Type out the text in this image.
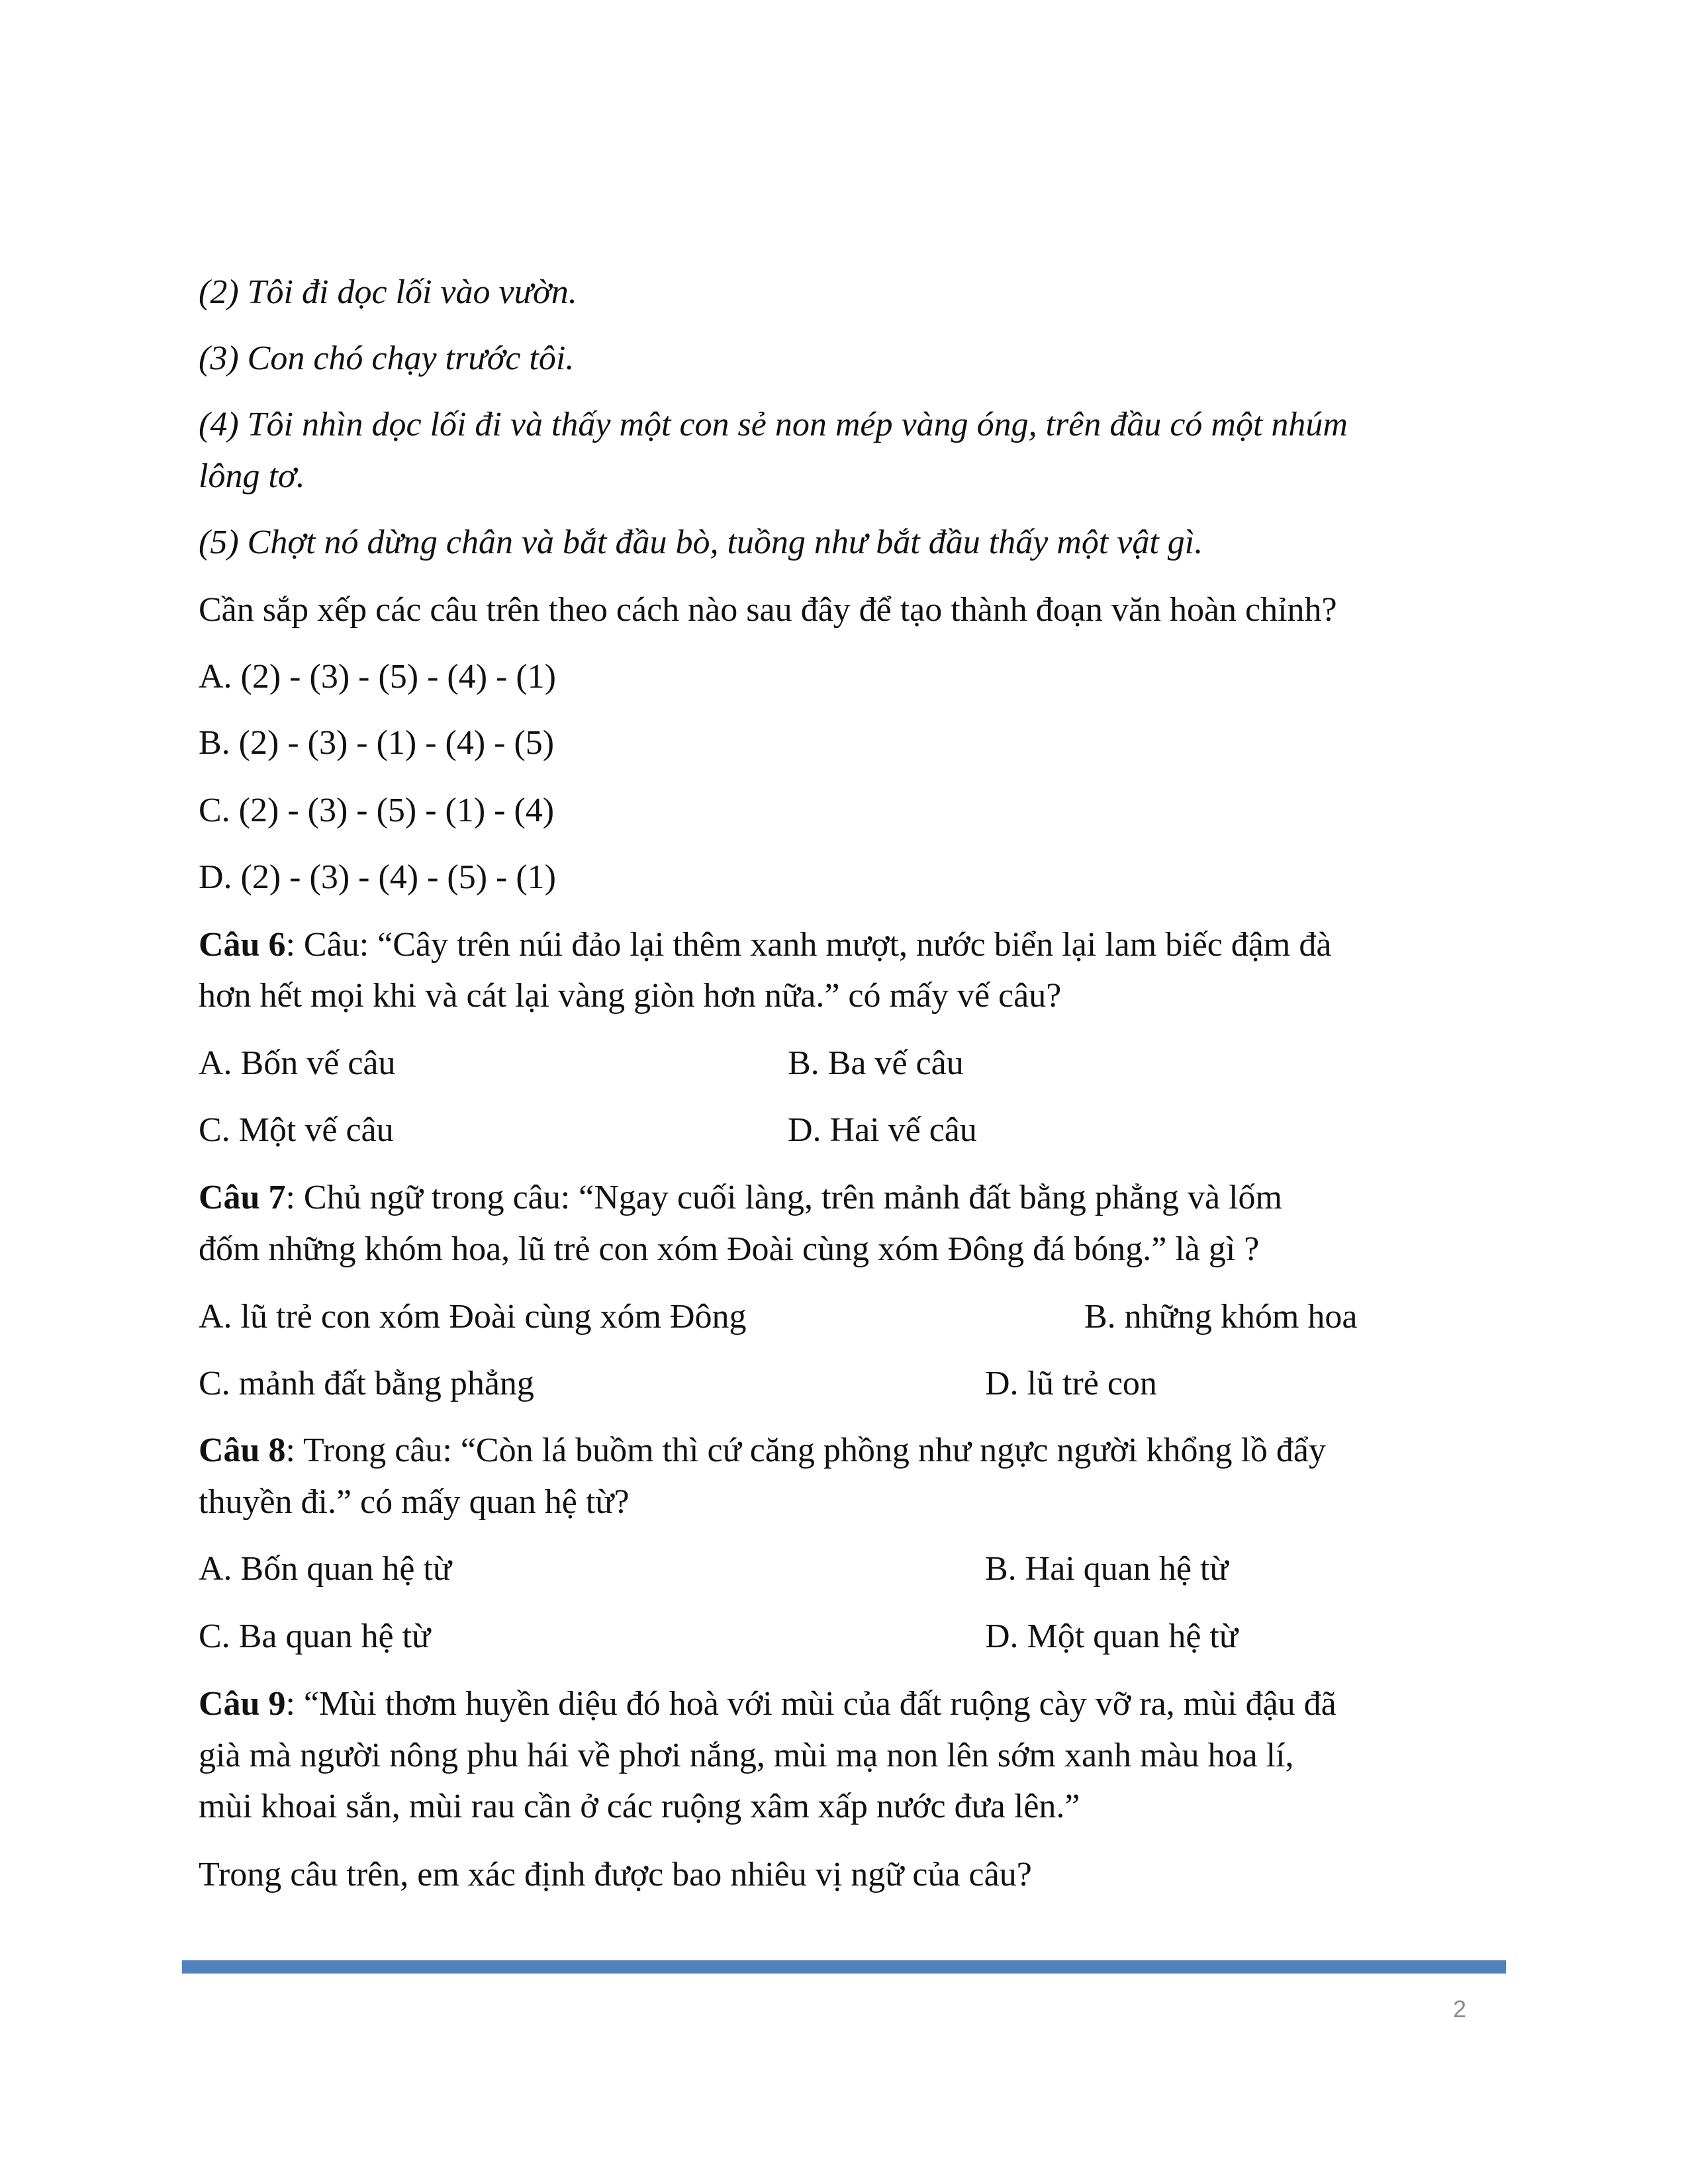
(2) Tôi đi dọc lối vào vườn.
(3) Con chó chạy trước tôi.
(4) Tôi nhìn dọc lối đi và thấy một con sẻ non mép vàng óng, trên đầu có một nhúm
lông tơ.
(5) Chợt nó dừng chân và bắt đầu bò, tuồng như bắt đầu thấy một vật gì.
Cần sắp xếp các câu trên theo cách nào sau đây để tạo thành đoạn văn hoàn chỉnh?
A. (2) - (3) - (5) - (4) - (1)
B. (2) - (3) - (1) - (4) - (5)
C. (2) - (3) - (5) - (1) - (4)
D. (2) - (3) - (4) - (5) - (1)
Câu 6: Câu: “Cây trên núi đảo lại thêm xanh mượt, nước biển lại lam biếc đậm đà
hơn hết mọi khi và cát lại vàng giòn hơn nữa.” có mấy vế câu?
A. Bốn vế câu	B. Ba vế câu
C. Một vế câu	D. Hai vế câu
Câu 7: Chủ ngữ trong câu: “Ngay cuối làng, trên mảnh đất bằng phẳng và lốm
đốm những khóm hoa, lũ trẻ con xóm Đoài cùng xóm Đông đá bóng.” là gì ?
A. lũ trẻ con xóm Đoài cùng xóm Đông	B. những khóm hoa
C. mảnh đất bằng phẳng	D. lũ trẻ con
Câu 8: Trong câu: “Còn lá buồm thì cứ căng phồng như ngực người khổng lồ đẩy
thuyền đi.” có mấy quan hệ từ?
A. Bốn quan hệ từ	B. Hai quan hệ từ
C. Ba quan hệ từ	D. Một quan hệ từ
Câu 9: “Mùi thơm huyền diệu đó hoà với mùi của đất ruộng cày vỡ ra, mùi đậu đã
già mà người nông phu hái về phơi nắng, mùi mạ non lên sớm xanh màu hoa lí,
mùi khoai sắn, mùi rau cần ở các ruộng xâm xấp nước đưa lên.”
Trong câu trên, em xác định được bao nhiêu vị ngữ của câu?
2
